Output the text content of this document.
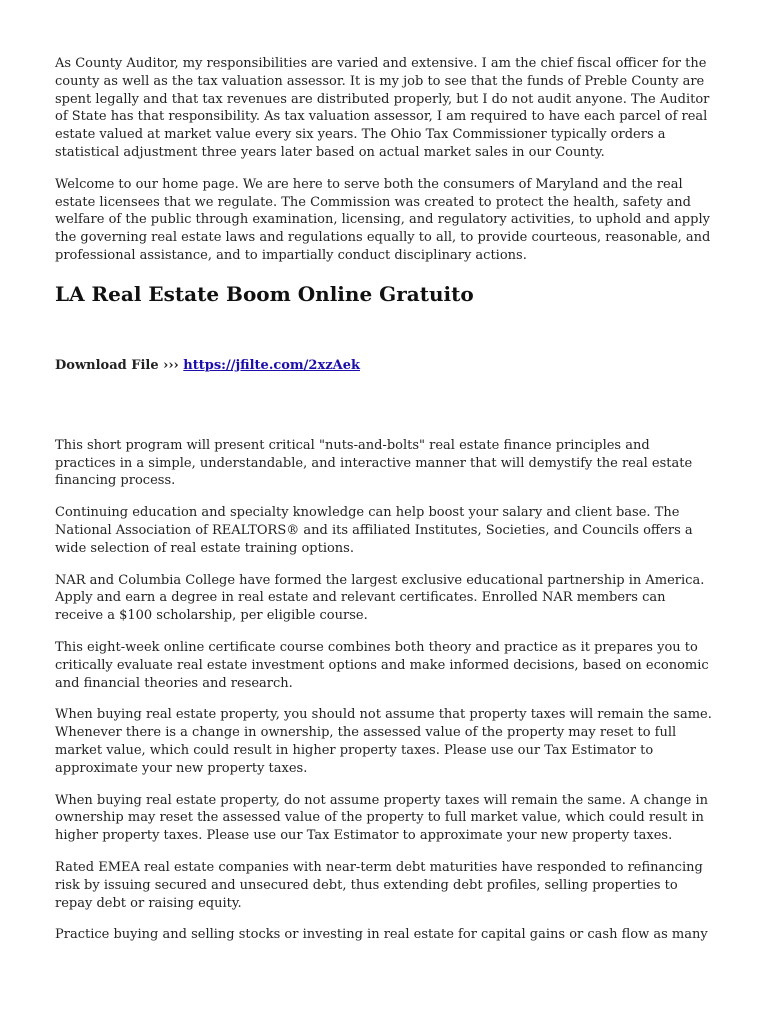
As County Auditor, my responsibilities are varied and extensive. I am the chief fiscal officer for the county as well as the tax valuation assessor. It is my job to see that the funds of Preble County are spent legally and that tax revenues are distributed properly, but I do not audit anyone. The Auditor of State has that responsibility. As tax valuation assessor, I am required to have each parcel of real estate valued at market value every six years. The Ohio Tax Commissioner typically orders a statistical adjustment three years later based on actual market sales in our County.

Welcome to our home page. We are here to serve both the consumers of Maryland and the real estate licensees that we regulate. The Commission was created to protect the health, safety and welfare of the public through examination, licensing, and regulatory activities, to uphold and apply the governing real estate laws and regulations equally to all, to provide courteous, reasonable, and professional assistance, and to impartially conduct disciplinary actions.

LA Real Estate Boom Online Gratuito
Download File ››› https://jfilte.com/2xzAek

This short program will present critical "nuts-and-bolts" real estate finance principles and practices in a simple, understandable, and interactive manner that will demystify the real estate financing process.

Continuing education and specialty knowledge can help boost your salary and client base. The National Association of REALTORS® and its affiliated Institutes, Societies, and Councils offers a wide selection of real estate training options.

NAR and Columbia College have formed the largest exclusive educational partnership in America. Apply and earn a degree in real estate and relevant certificates. Enrolled NAR members can receive a $100 scholarship, per eligible course.

This eight-week online certificate course combines both theory and practice as it prepares you to critically evaluate real estate investment options and make informed decisions, based on economic and financial theories and research.

When buying real estate property, you should not assume that property taxes will remain the same. Whenever there is a change in ownership, the assessed value of the property may reset to full market value, which could result in higher property taxes. Please use our Tax Estimator to approximate your new property taxes.

When buying real estate property, do not assume property taxes will remain the same. A change in ownership may reset the assessed value of the property to full market value, which could result in higher property taxes. Please use our Tax Estimator to approximate your new property taxes.

Rated EMEA real estate companies with near-term debt maturities have responded to refinancing risk by issuing secured and unsecured debt, thus extending debt profiles, selling properties to repay debt or raising equity.

Practice buying and selling stocks or investing in real estate for capital gains or cash flow as many
